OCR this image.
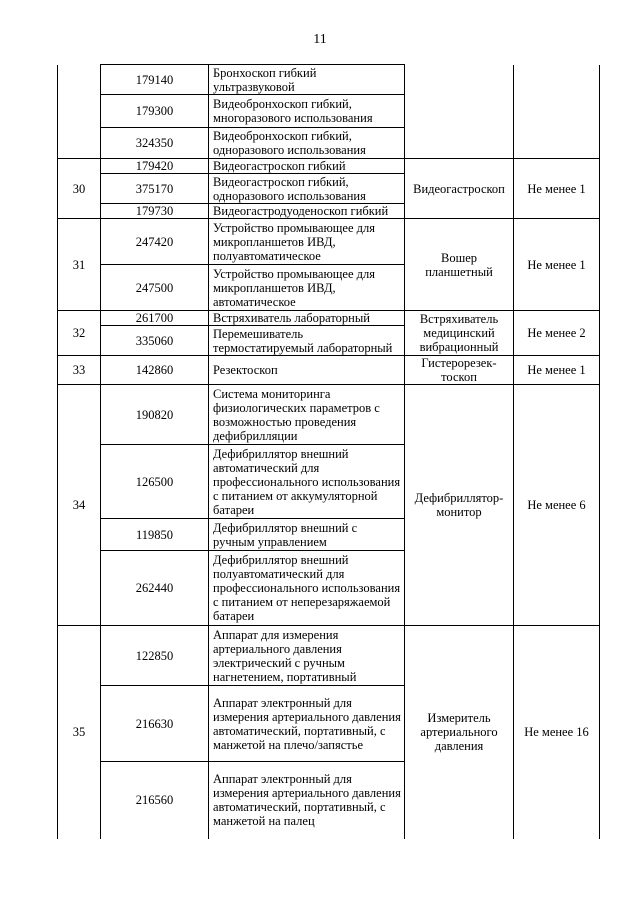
11
	179140	Бронхоскоп гибкий ультразвуковой		
	179300	Видеобронхоскоп гибкий, многоразового использования		
	324350	Видеобронхоскоп гибкий, одноразового использования		
30	179420	Видеогастроскоп гибкий	Видеогастроскоп	Не менее 1
	375170	Видеогастроскоп гибкий, одноразового использования		
	179730	Видеогастродуоденоскоп гибкий		
31	247420	Устройство промывающее для микропланшетов ИВД, полуавтоматическое	Вошер планшетный	Не менее 1
	247500	Устройство промывающее для микропланшетов ИВД, автоматическое		
32	261700	Встряхиватель лабораторный	Встряхиватель медицинский вибрационный	Не менее 2
	335060	Перемешиватель термостатируемый лабораторный		
33	142860	Резектоскоп	Гистерорезек-тоскоп	Не менее 1
34	190820	Система мониторинга физиологических параметров с возможностью проведения дефибрилляции	Дефибриллятор-монитор	Не менее 6
	126500	Дефибриллятор внешний автоматический для профессионального использования с питанием от аккумуляторной батареи		
	119850	Дефибриллятор внешний с ручным управлением		
	262440	Дефибриллятор внешний полуавтоматический для профессионального использования с питанием от неперезаряжаемой батареи		
35	122850	Аппарат для измерения артериального давления электрический с ручным нагнетением, портативный	Измеритель артериального давления	Не менее 16
	216630	Аппарат электронный для измерения артериального давления автоматический, портативный, с манжетой на плечо/запястье		
	216560	Аппарат электронный для измерения артериального давления автоматический, портативный, с манжетой на палец		
